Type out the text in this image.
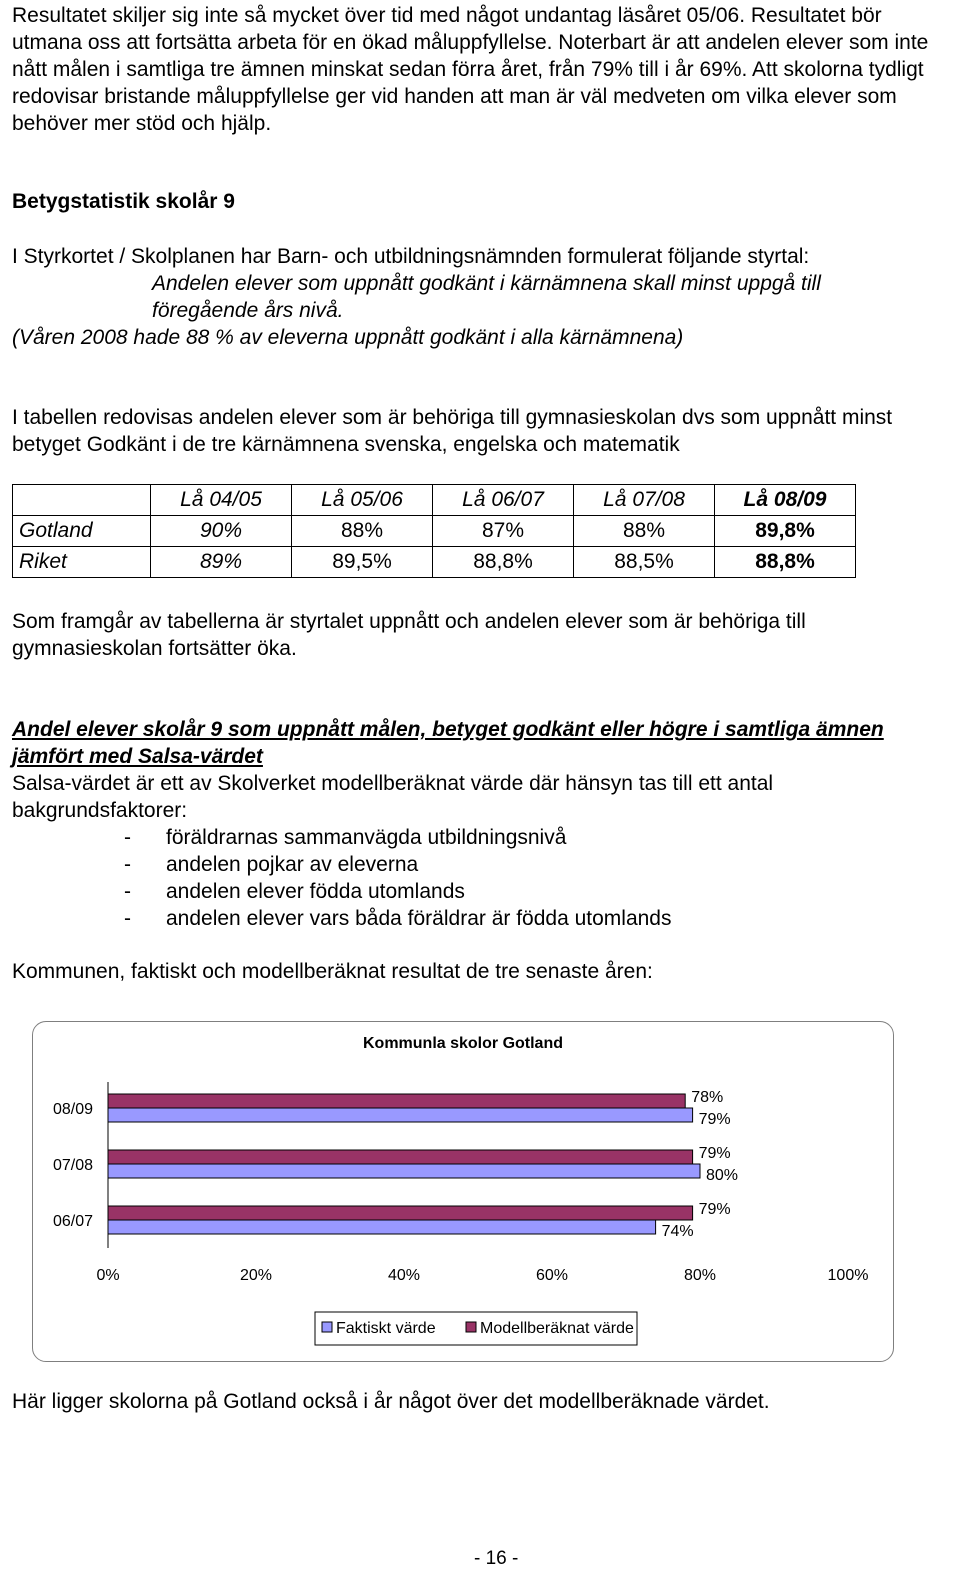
Resultatet skiljer sig inte så mycket över tid med något undantag läsåret 05/06. Resultatet bör utmana oss att fortsätta arbeta för en ökad måluppfyllelse. Noterbart är att andelen elever som inte nått målen i samtliga tre ämnen minskat sedan förra året, från 79% till i år 69%. Att skolorna tydligt redovisar bristande måluppfyllelse ger vid handen att man är väl medveten om vilka elever som behöver mer stöd och hjälp.

Betygstatistik skolår 9

I Styrkortet / Skolplanen har Barn- och utbildningsnämnden formulerat följande styrtal:

Andelen elever som uppnått godkänt i kärnämnena skall minst uppgå till föregående års nivå.

(Våren 2008 hade 88 % av eleverna uppnått godkänt i alla kärnämnena)

I tabellen redovisas andelen elever som är behöriga till gymnasieskolan dvs som uppnått minst betyget Godkänt i de tre kärnämnena svenska, engelska och matematik

	Lå 04/05	Lå 05/06	Lå 06/07	Lå 07/08	Lå 08/09
Gotland	90%	88%	87%	88%	89,8%
Riket	89%	89,5%	88,8%	88,5%	88,8%

Som framgår av tabellerna är styrtalet uppnått och andelen elever som är behöriga till gymnasieskolan fortsätter öka.

Andel elever skolår 9 som uppnått målen, betyget godkänt eller högre i samtliga ämnen jämfört med Salsa-värdet

Salsa-värdet är ett av Skolverket modellberäknat värde där hänsyn tas till ett antal bakgrundsfaktorer:

- föräldrarnas sammanvägda utbildningsnivå
- andelen pojkar av eleverna
- andelen elever födda utomlands
- andelen elever vars båda föräldrar är födda utomlands

Kommunen, faktiskt och modellberäknat resultat de tre senaste åren:

Kommunla skolor Gotland
08/09
78%
79%
07/08
79%
80%
06/07
79%
74%
0%	20%	40%	60%	80%	100%
Faktiskt värde	Modellberäknat värde

Här ligger skolorna på Gotland också i år något över det modellberäknade värdet.

- 16 -
